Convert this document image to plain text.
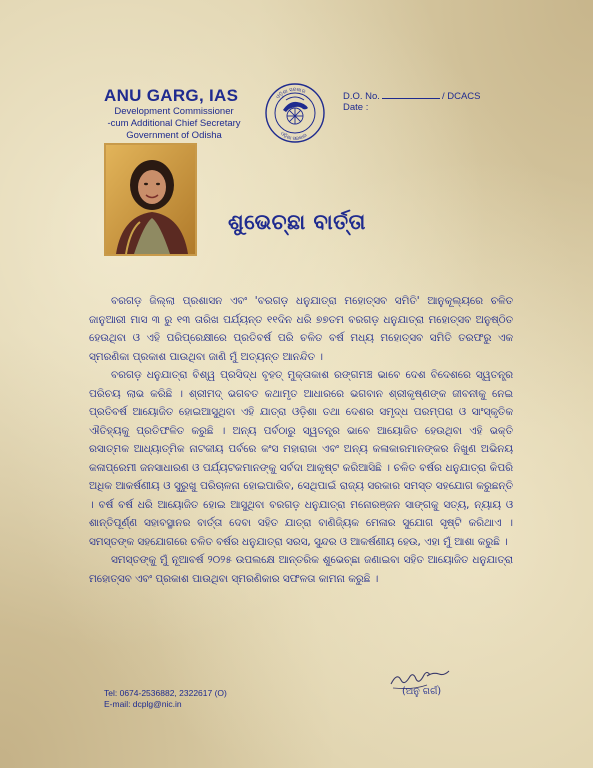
ANU GARG, IAS
Development Commissioner
-cum Additional Chief Secretary
Government of Odisha
ଓଡ଼ିଶା ସରକାର
ଓଡ଼ିଶା ସରକାର
D.O. No.	/ DCACS
Date :
ଶୁଭେଚ୍ଛା ବାର୍ତ୍ତା

ବରଗଡ଼ ଜିଲ୍ଲା ପ୍ରଶାସନ ଏବଂ 'ବରଗଡ଼ ଧନୁଯାତ୍ରା ମହୋତ୍ସବ ସମିତି' ଆନୁକୂଲ୍ୟରେ ଚଳିତ ଜାନୁଆରୀ ମାସ ୩ ରୁ ୧୩ ତାରିଖ ପର୍ଯ୍ୟନ୍ତ ୧୧ଦିନ ଧରି ୭୭ତମ ବରଗଡ଼ ଧନୁଯାତ୍ରା ମହୋତ୍ସବ ଅନୁଷ୍ଠିତ ହେଉଥିବା ଓ ଏହି ପରିପ୍ରେକ୍ଷୀରେ ପ୍ରତିବର୍ଷ ପରି ଚଳିତ ବର୍ଷ ମଧ୍ୟ ମହୋତ୍ସବ ସମିତି ତରଫରୁ ଏକ ସ୍ମରଣିକା ପ୍ରକାଶ ପାଉଥିବା ଜାଣି ମୁଁ ଅତ୍ୟନ୍ତ ଆନନ୍ଦିତ ।

ବରଗଡ଼ ଧନୁଯାତ୍ରା ବିଶ୍ୱ ପ୍ରସିଦ୍ଧ ବୃହତ୍ ମୁକ୍ତାକାଶ ରଙ୍ଗମଞ୍ଚ ଭାବେ ଦେଶ ବିଦେଶରେ ସ୍ୱତନ୍ତ୍ର ପରିଚୟ ଲାଭ କରିଛି । ଶ୍ରୀମଦ୍ ଭଗବତ କଥାମୃତ ଆଧାରରେ ଭଗବାନ ଶ୍ରୀକୃଷ୍ଣଙ୍କ ଜୀବନୀକୁ ନେଇ ପ୍ରତିବର୍ଷ ଆୟୋଜିତ ହୋଇଆସୁଥିବା ଏହି ଯାତ୍ରା ଓଡ଼ିଶା ତଥା ଦେଶର ସମୃଦ୍ଧ ପରମ୍ପରା ଓ ସାଂସ୍କୃତିକ ଐତିହ୍ୟକୁ ପ୍ରତିଫଳିତ କରୁଛି । ଅନ୍ୟ ପର୍ବଠାରୁ ସ୍ୱତନ୍ତ୍ର ଭାବେ ଆୟୋଜିତ ହେଉଥିବା ଏହି ଭକ୍ତି ରସାତ୍ମକ ଆଧ୍ୟାତ୍ମିକ ନାଟକୀୟ ପର୍ବରେ କଂସ ମହାରାଜା ଏବଂ ଅନ୍ୟ କଳାକାରମାନଙ୍କର ନିଖୁଣ ଅଭିନୟ କଳାପ୍ରେମୀ ଜନସାଧାରଣ ଓ ପର୍ଯ୍ୟଟକମାନଙ୍କୁ ସର୍ବଦା ଆକୃଷ୍ଟ କରିଆସିଛି । ଚଳିତ ବର୍ଷର ଧନୁଯାତ୍ରା କିପରି ଅଧିକ ଆକର୍ଷଣୀୟ ଓ ସୁରୁଖୁ ପରିଚାଳନା ହୋଇପାରିବ, ସେଥିପାଇଁ ରାଜ୍ୟ ସରକାର ସମସ୍ତ ସହଯୋଗ କରୁଛନ୍ତି । ବର୍ଷ ବର୍ଷ ଧରି ଆୟୋଜିତ ହୋଇ ଆସୁଥିବା ବରଗଡ଼ ଧନୁଯାତ୍ରା ମନୋରଞ୍ଜନ ସାଙ୍ଗକୁ ସତ୍ୟ, ନ୍ୟାୟ ଓ ଶାନ୍ତିପୂର୍ଣ୍ଣ ସହାବସ୍ଥାନର ବାର୍ତ୍ତା ଦେବା ସହିତ ଯାତ୍ରା ବାଣିଜ୍ୟିକ ମେଳାର ସୁଯୋଗ ସୃଷ୍ଟି କରିଥାଏ । ସମସ୍ତଙ୍କ ସହଯୋଗରେ ଚଳିତ ବର୍ଷର ଧନୁଯାତ୍ରା ସରସ, ସୁନ୍ଦର ଓ ଆକର୍ଷଣୀୟ ହେଉ, ଏହା ମୁଁ ଆଶା କରୁଛି ।

ସମସ୍ତଙ୍କୁ ମୁଁ ନୂଆବର୍ଷ ୨୦୨୫ ଉପଲକ୍ଷେ ଆନ୍ତରିକ ଶୁଭେଚ୍ଛା ଜଣାଇବା ସହିତ ଆୟୋଜିତ ଧନୁଯାତ୍ରା ମହୋତ୍ସବ ଏବଂ ପ୍ରକାଶ ପାଉଥିବା ସ୍ମରଣିକାର ସଫଳତା କାମନା କରୁଛି ।

(ଅନୁ ଗର୍ଗ)
Tel: 0674-2536882, 2322617 (O)
E-mail: dcplg@nic.in
